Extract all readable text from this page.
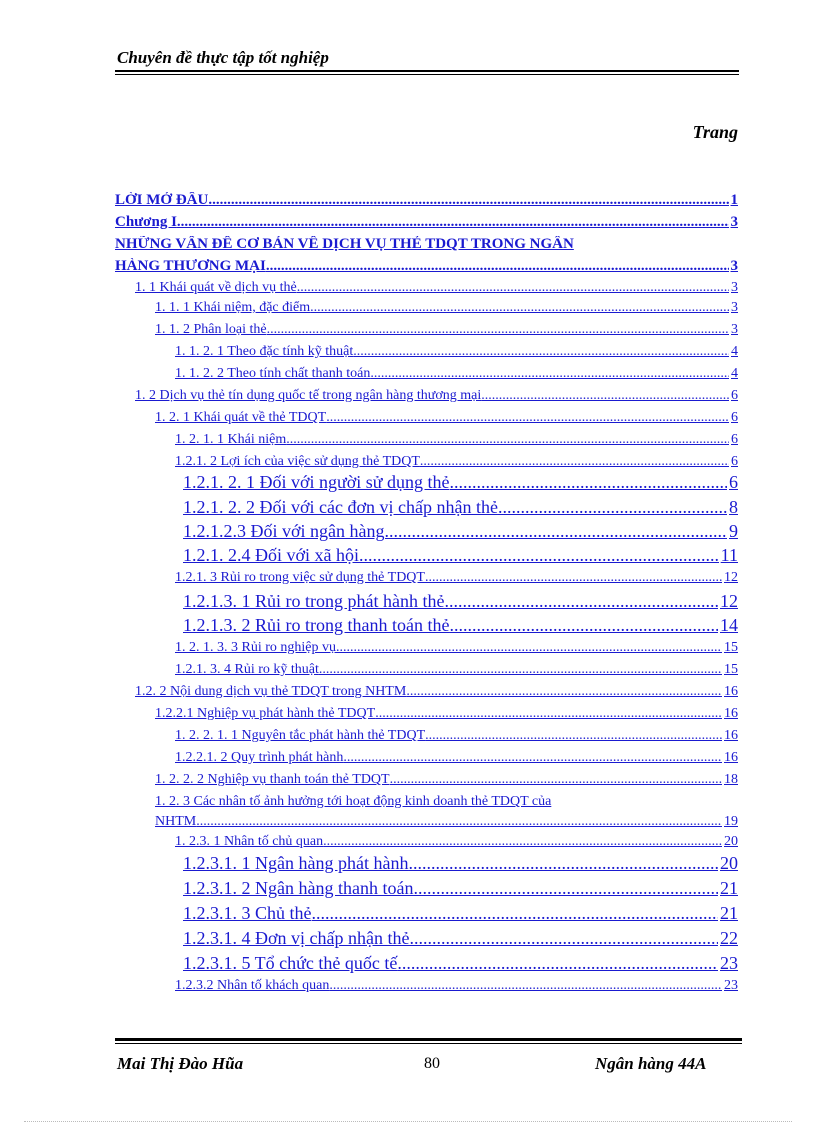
Chuyên đề thực tập tốt nghiệp
Trang
LỜI MỞ ĐẦU .....	1
Chương I .....	3
NHỮNG VẤN ĐỀ CƠ BẢN VỀ DỊCH VỤ THẺ TDQT TRONG NGÂN
HÀNG THƯƠNG MẠI .....	3
1. 1 Khái quát về dịch vụ thẻ .....	3
1. 1. 1 Khái niệm, đặc điểm .....	3
1. 1. 2 Phân loại thẻ .....	3
1. 1. 2. 1 Theo đặc tính kỹ thuật .....	4
1. 1. 2. 2 Theo tính chất thanh toán .....	4
1. 2 Dịch vụ thẻ tín dụng quốc tế trong ngân hàng thương mại .....	6
1. 2. 1 Khái quát về thẻ TDQT .....	6
1. 2. 1. 1 Khái niệm .....	6
1.2.1. 2 Lợi ích của việc sử dụng thẻ TDQT .....	6
1.2.1. 2. 1 Đối với người sử dụng thẻ .....	6
1.2.1. 2. 2 Đối với các đơn vị chấp nhận thẻ .....	8
1.2.1.2.3 Đối với ngân hàng .....	9
1.2.1. 2.4 Đối với xã hội .....	11
1.2.1. 3 Rủi ro trong việc sử dụng thẻ TDQT .....	12
1.2.1.3. 1 Rủi ro trong phát hành thẻ .....	12
1.2.1.3. 2 Rủi ro trong thanh toán thẻ .....	14
1. 2. 1. 3. 3 Rủi ro nghiệp vụ .....	15
1.2.1. 3. 4 Rủi ro kỹ thuật .....	15
1.2. 2 Nội dung dịch vụ thẻ TDQT trong NHTM .....	16
1.2.2.1 Nghiệp vụ phát hành thẻ TDQT .....	16
1. 2. 2. 1. 1 Nguyên tắc phát hành thẻ TDQT .....	16
1.2.2.1. 2 Quy trình phát hành .....	16
1. 2. 2. 2 Nghiệp vụ thanh toán thẻ TDQT .....	18
1. 2. 3 Các nhân tố ảnh hưởng tới hoạt động kinh doanh thẻ TDQT của
NHTM .....	19
1. 2.3. 1 Nhân tố chủ quan .....	20
1.2.3.1. 1 Ngân hàng phát hành .....	20
1.2.3.1. 2 Ngân hàng thanh toán .....	21
1.2.3.1. 3 Chủ thẻ .....	21
1.2.3.1. 4 Đơn vị chấp nhận thẻ .....	22
1.2.3.1. 5 Tổ chức thẻ quốc tế .....	23
1.2.3.2 Nhân tố khách quan .....	23
Mai Thị Đào Hũa	80	Ngân hàng 44A
